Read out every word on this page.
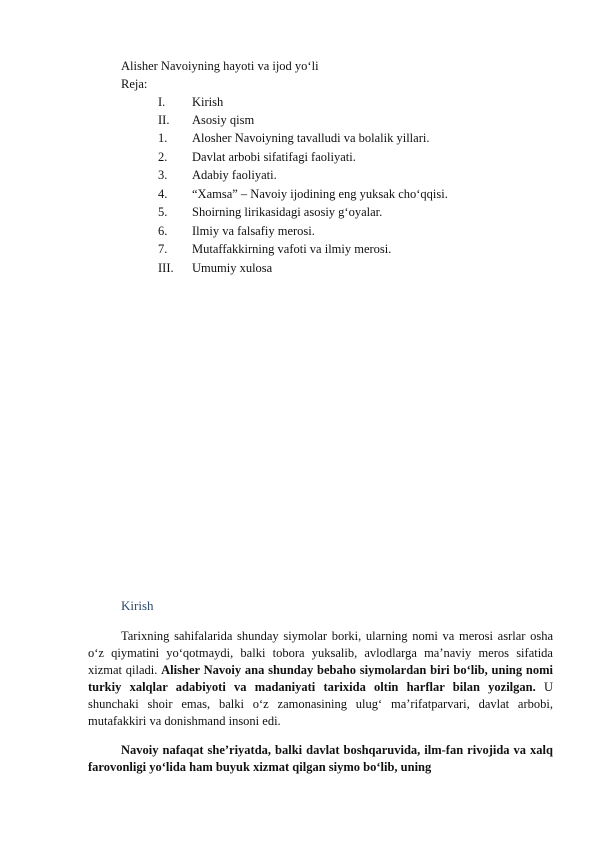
Alisher Navoiyning hayoti va ijod yo‘li
Reja:
I. Kirish
II. Asosiy qism
1. Alosher Navoiyning tavalludi va bolalik yillari.
2. Davlat arbobi sifatifagi faoliyati.
3. Adabiy faoliyati.
4. “Xamsa” – Navoiy ijodining eng yuksak cho‘qqisi.
5. Shoirning lirikasidagi asosiy g‘oyalar.
6. Ilmiy va falsafiy merosi.
7. Mutaffakkirning vafoti va ilmiy merosi.
III. Umumiy xulosa
Kirish

Tarixning sahifalarida shunday siymolar borki, ularning nomi va merosi asrlar osha o‘z qiymatini yo‘qotmaydi, balki tobora yuksalib, avlodlarga ma’naviy meros sifatida xizmat qiladi. Alisher Navoiy ana shunday bebaho siymolardan biri bo‘lib, uning nomi turkiy xalqlar adabiyoti va madaniyati tarixida oltin harflar bilan yozilgan. U shunchaki shoir emas, balki o‘z zamonasining ulug‘ ma’rifatparvari, davlat arbobi, mutafakkiri va donishmand insoni edi.

Navoiy nafaqat she’riyatda, balki davlat boshqaruvida, ilm-fan rivojida va xalq farovonligi yo‘lida ham buyuk xizmat qilgan siymo bo‘lib, uning
